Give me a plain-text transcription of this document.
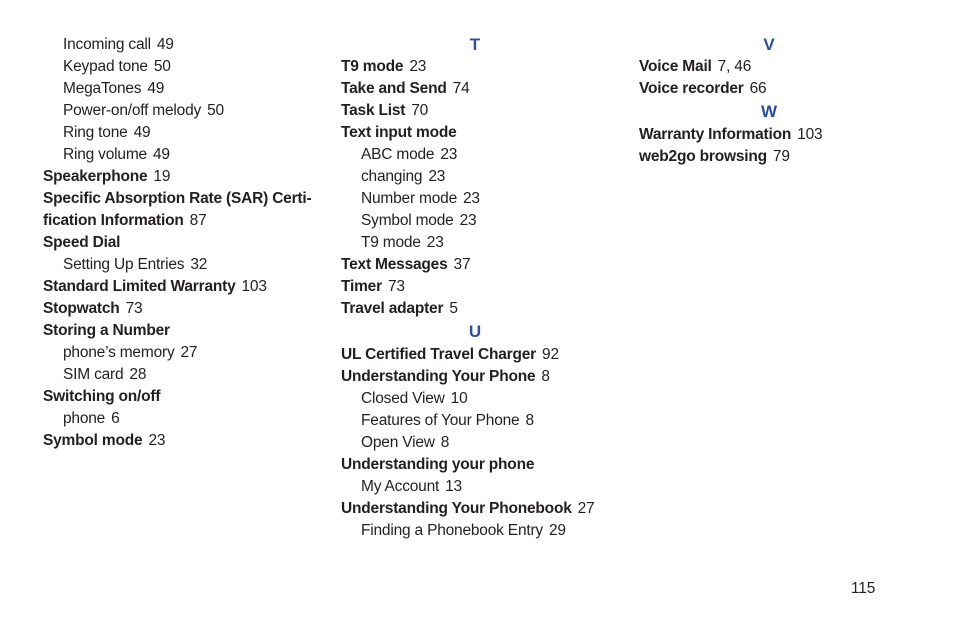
Incoming call 49
Keypad tone 50
MegaTones 49
Power-on/off melody 50
Ring tone 49
Ring volume 49
Speakerphone 19
Specific Absorption Rate (SAR) Certi-fication Information 87
Speed Dial
Setting Up Entries 32
Standard Limited Warranty 103
Stopwatch 73
Storing a Number
phone’s memory 27
SIM card 28
Switching on/off
phone 6
Symbol mode 23
T
T9 mode 23
Take and Send 74
Task List 70
Text input mode
ABC mode 23
changing 23
Number mode 23
Symbol mode 23
T9 mode 23
Text Messages 37
Timer 73
Travel adapter 5
U
UL Certified Travel Charger 92
Understanding Your Phone 8
Closed View 10
Features of Your Phone 8
Open View 8
Understanding your phone
My Account 13
Understanding Your Phonebook 27
Finding a Phonebook Entry 29
V
Voice Mail 7, 46
Voice recorder 66
W
Warranty Information 103
web2go browsing 79
115
